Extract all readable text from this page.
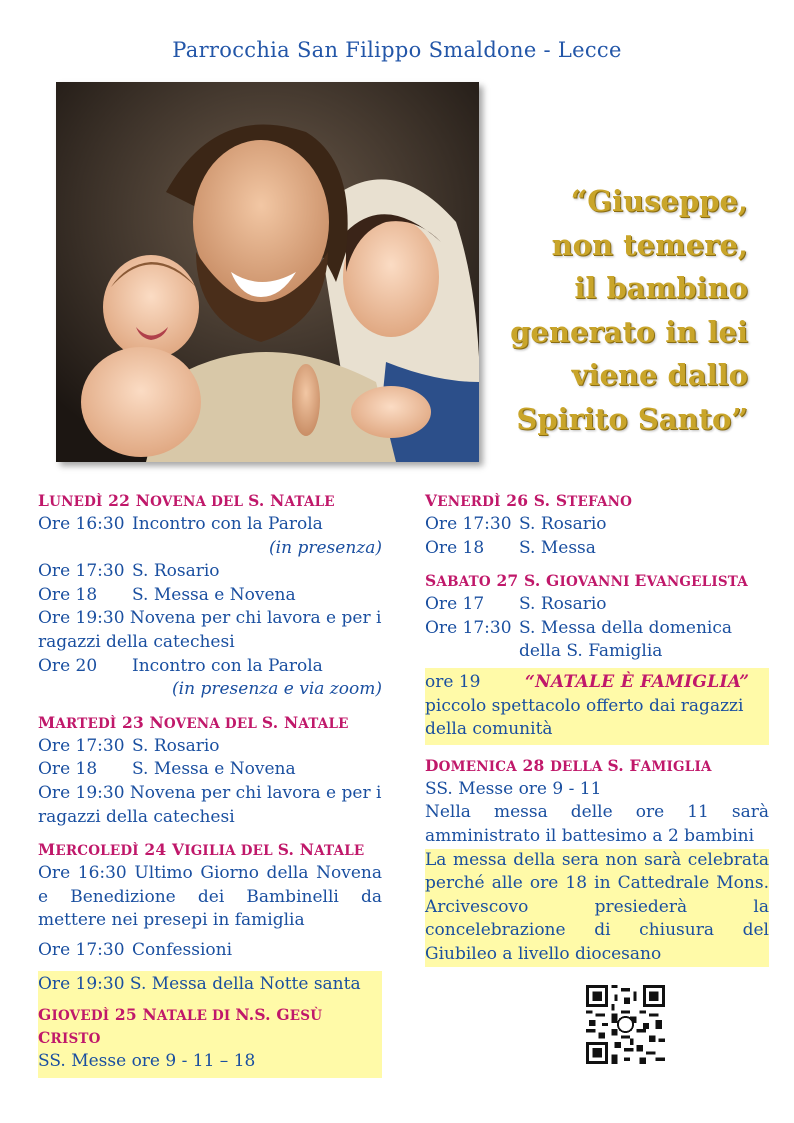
Parrocchia San Filippo Smaldone - Lecce
“Giuseppe,
non temere,
il bambino
generato in lei
viene dallo
Spirito Santo”
LUNEDÌ 22 NOVENA DEL S. NATALE
Ore 16:30 Incontro con la Parola
(in presenza)
Ore 17:30 S. Rosario
Ore 18	S. Messa e Novena
Ore 19:30 Novena per chi lavora e per i ragazzi della catechesi
Ore 20	Incontro con la Parola
(in presenza e via zoom)
MARTEDÌ 23 NOVENA DEL S. NATALE
Ore 17:30 S. Rosario
Ore 18	S. Messa e Novena
Ore 19:30 Novena per chi lavora e per i ragazzi della catechesi
MERCOLEDÌ 24 VIGILIA DEL S. NATALE
Ore 16:30 Ultimo Giorno della Novena e Benedizione dei Bambinelli da mettere nei presepi in famiglia
Ore 17:30 Confessioni
Ore 19:30 S. Messa della Notte santa
GIOVEDÌ 25 NATALE DI N.S. GESÙ CRISTO
SS. Messe ore 9 - 11 – 18
VENERDÌ 26 S. STEFANO
Ore 17:30 S. Rosario
Ore 18	S. Messa
SABATO 27 S. GIOVANNI EVANGELISTA
Ore 17	S. Rosario
Ore 17:30 S. Messa della domenica della S. Famiglia
ore 19	“NATALE È FAMIGLIA”
piccolo spettacolo offerto dai ragazzi della comunità
DOMENICA 28 DELLA S. FAMIGLIA
SS. Messe ore 9 - 11
Nella messa delle ore 11 sarà amministrato il battesimo a 2 bambini
La messa della sera non sarà celebrata perché alle ore 18 in Cattedrale Mons. Arcivescovo presiederà la concelebrazione di chiusura del Giubileo a livello diocesano
